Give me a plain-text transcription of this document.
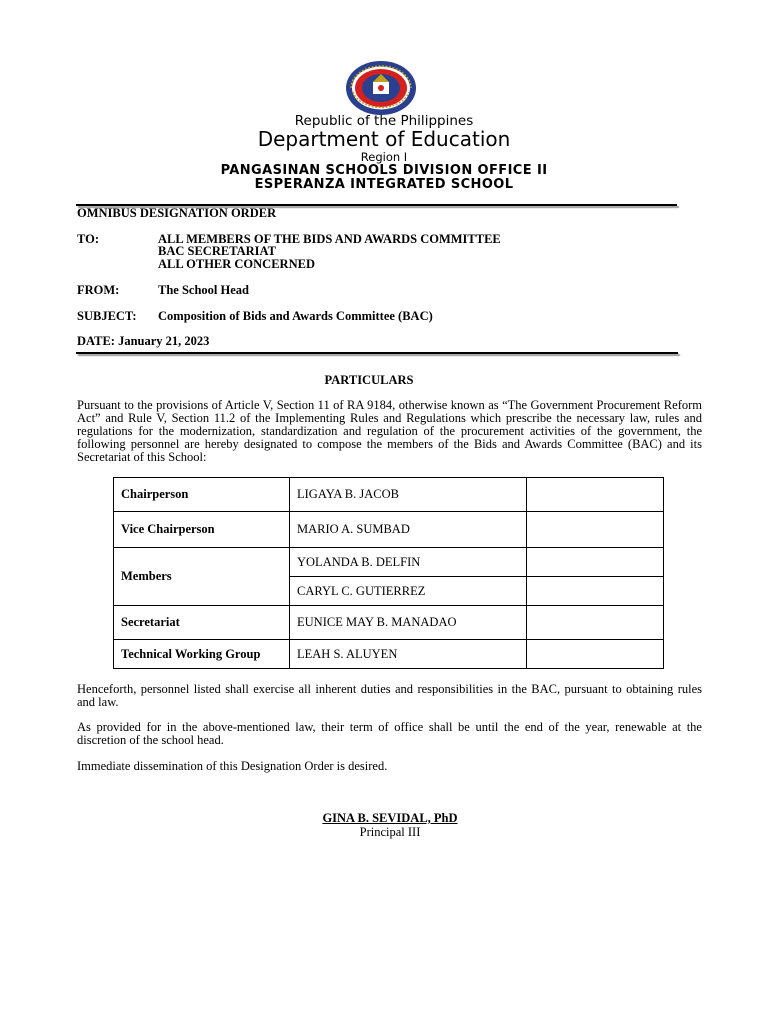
Republic of the Philippines
Department of Education
Region I
PANGASINAN SCHOOLS DIVISION OFFICE II
ESPERANZA INTEGRATED SCHOOL
OMNIBUS DESIGNATION ORDER
TO:	ALL MEMBERS OF THE BIDS AND AWARDS COMMITTEE
BAC SECRETARIAT
ALL OTHER CONCERNED
FROM:	The School Head
SUBJECT: Composition of Bids and Awards Committee (BAC)
DATE: January 21, 2023
PARTICULARS
Pursuant to the provisions of Article V, Section 11 of RA 9184, otherwise known as “The Government Procurement Reform Act” and Rule V, Section 11.2 of the Implementing Rules and Regulations which prescribe the necessary law, rules and regulations for the modernization, standardization and regulation of the procurement activities of the government, the following personnel are hereby designated to compose the members of the Bids and Awards Committee (BAC) and its Secretariat of this School:
Chairperson	LIGAYA B. JACOB	
Vice Chairperson	MARIO A. SUMBAD	
Members	YOLANDA B. DELFIN	
	CARYL C. GUTIERREZ	
Secretariat	EUNICE MAY B. MANADAO	
Technical Working Group	LEAH S. ALUYEN	
Henceforth, personnel listed shall exercise all inherent duties and responsibilities in the BAC, pursuant to obtaining rules and law.
As provided for in the above-mentioned law, their term of office shall be until the end of the year, renewable at the discretion of the school head.
Immediate dissemination of this Designation Order is desired.
GINA B. SEVIDAL, PhD
Principal III
